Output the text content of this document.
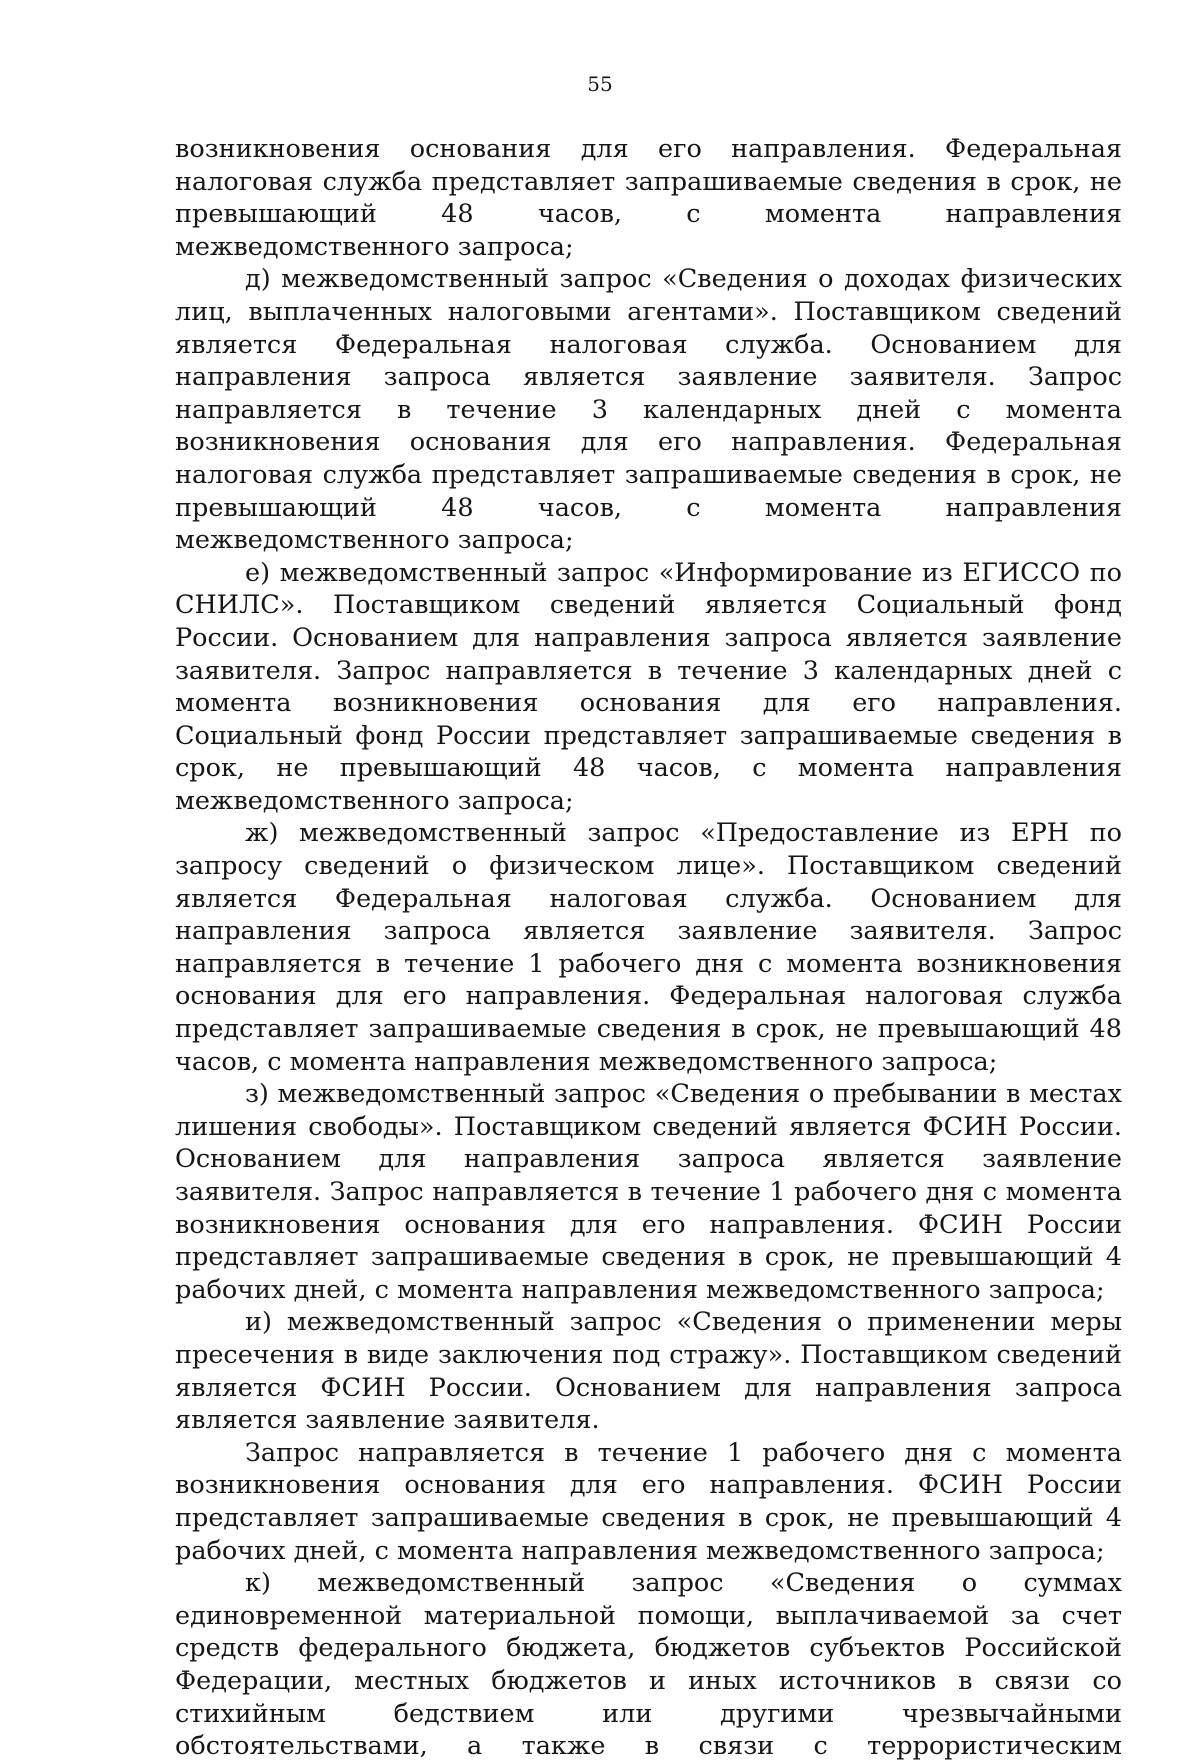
55

возникновения основания для его направления. Федеральная налоговая служба представляет запрашиваемые сведения в срок, не превышающий 48 часов, с момента направления межведомственного запроса;

д) межведомственный запрос «Сведения о доходах физических лиц, выплаченных налоговыми агентами». Поставщиком сведений является Федеральная налоговая служба. Основанием для направления запроса является заявление заявителя. Запрос направляется в течение 3 календарных дней с момента возникновения основания для его направления. Федеральная налоговая служба представляет запрашиваемые сведения в срок, не превышающий 48 часов, с момента направления межведомственного запроса;

е) межведомственный запрос «Информирование из ЕГИССО по СНИЛС». Поставщиком сведений является Социальный фонд России. Основанием для направления запроса является заявление заявителя. Запрос направляется в течение 3 календарных дней с момента возникновения основания для его направления. Социальный фонд России представляет запрашиваемые сведения в срок, не превышающий 48 часов, с момента направления межведомственного запроса;

ж) межведомственный запрос «Предоставление из ЕРН по запросу сведений о физическом лице». Поставщиком сведений является Федеральная налоговая служба. Основанием для направления запроса является заявление заявителя. Запрос направляется в течение 1 рабочего дня с момента возникновения основания для его направления. Федеральная налоговая служба представляет запрашиваемые сведения в срок, не превышающий 48 часов, с момента направления межведомственного запроса;

з) межведомственный запрос «Сведения о пребывании в местах лишения свободы». Поставщиком сведений является ФСИН России. Основанием для направления запроса является заявление заявителя. Запрос направляется в течение 1 рабочего дня с момента возникновения основания для его направления. ФСИН России представляет запрашиваемые сведения в срок, не превышающий 4 рабочих дней, с момента направления межведомственного запроса;

и) межведомственный запрос «Сведения о применении меры пресечения в виде заключения под стражу». Поставщиком сведений является ФСИН России. Основанием для направления запроса является заявление заявителя.

Запрос направляется в течение 1 рабочего дня с момента возникновения основания для его направления. ФСИН России представляет запрашиваемые сведения в срок, не превышающий 4 рабочих дней, с момента направления межведомственного запроса;

к) межведомственный запрос «Сведения о суммах единовременной материальной помощи, выплачиваемой за счет средств федерального бюджета, бюджетов субъектов Российской Федерации, местных бюджетов и иных источников в связи со стихийным бедствием или другими чрезвычайными обстоятельствами, а также в связи с террористическим
